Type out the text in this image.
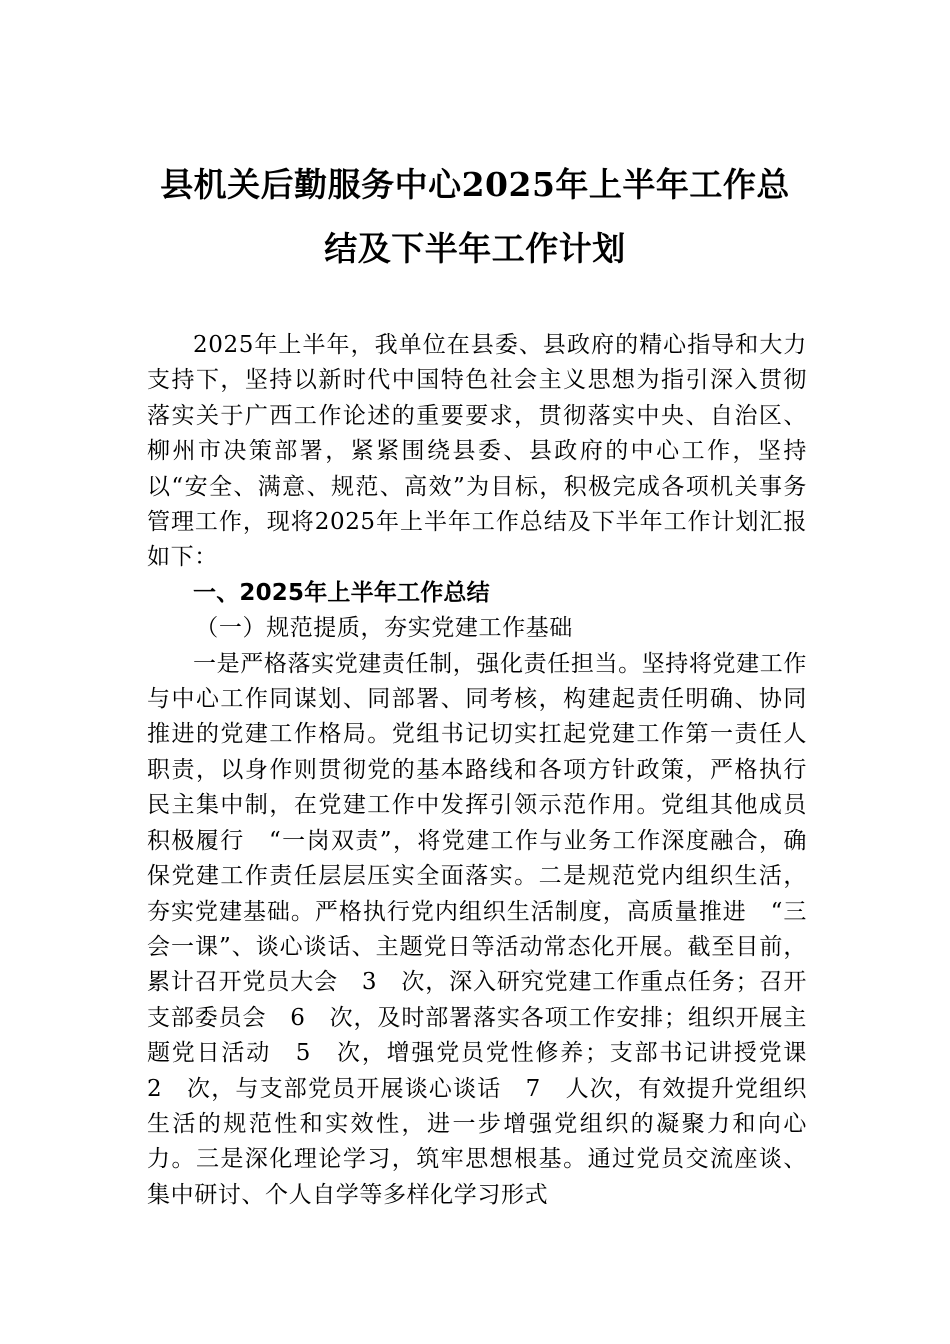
县机关后勤服务中心2025年上半年工作总
结及下半年工作计划

2025年上半年，我单位在县委、县政府的精心指导和大力支持下，坚持以新时代中国特色社会主义思想为指引深入贯彻落实关于广西工作论述的重要要求，贯彻落实中央、自治区、柳州市决策部署，紧紧围绕县委、县政府的中心工作，坚持以“安全、满意、规范、高效”为目标，积极完成各项机关事务管理工作，现将2025年上半年工作总结及下半年工作计划汇报如下：

一、2025年上半年工作总结

（一）规范提质，夯实党建工作基础

一是严格落实党建责任制，强化责任担当。坚持将党建工作与中心工作同谋划、同部署、同考核，构建起责任明确、协同推进的党建工作格局。党组书记切实扛起党建工作第一责任人职责，以身作则贯彻党的基本路线和各项方针政策，严格执行民主集中制，在党建工作中发挥引领示范作用。党组其他成员积极履行　“一岗双责”，将党建工作与业务工作深度融合，确保党建工作责任层层压实全面落实。二是规范党内组织生活，夯实党建基础。严格执行党内组织生活制度，高质量推进　“三会一课”、谈心谈话、主题党日等活动常态化开展。截至目前，累计召开党员大会　3　次，深入研究党建工作重点任务；召开支部委员会　6　次，及时部署落实各项工作安排；组织开展主题党日活动　5　次，增强党员党性修养；支部书记讲授党课　2　次，与支部党员开展谈心谈话　7　人次，有效提升党组织生活的规范性和实效性，进一步增强党组织的凝聚力和向心力。三是深化理论学习，筑牢思想根基。通过党员交流座谈、集中研讨、个人自学等多样化学习形式
